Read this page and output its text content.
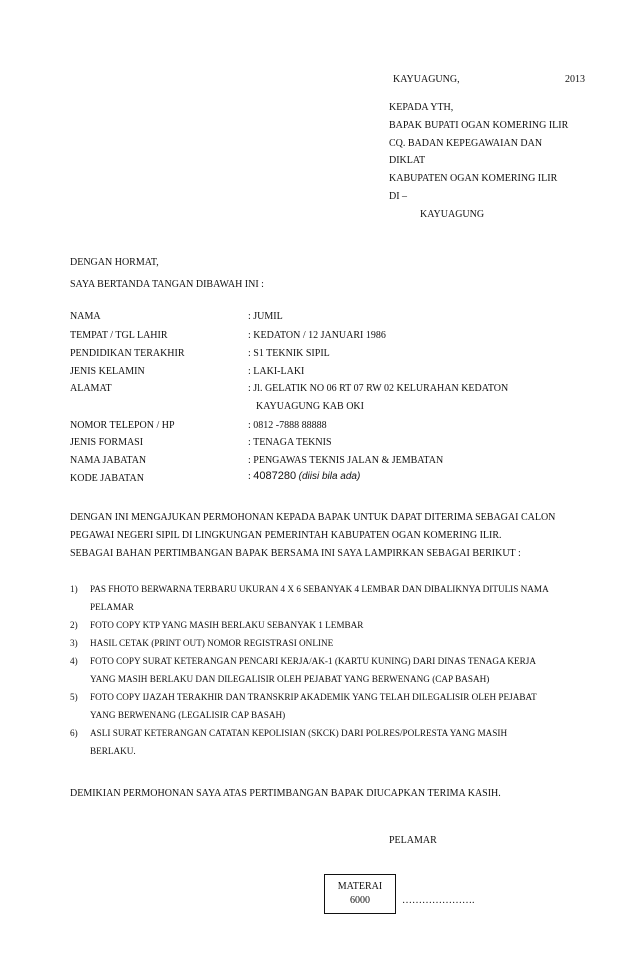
KAYUAGUNG,	2013
KEPADA YTH,
BAPAK BUPATI OGAN KOMERING ILIR
CQ. BADAN KEPEGAWAIAN DAN
DIKLAT
KABUPATEN OGAN KOMERING ILIR
DI –
KAYUAGUNG
DENGAN HORMAT,
SAYA BERTANDA TANGAN DIBAWAH INI :
NAMA	: JUMIL
TEMPAT / TGL LAHIR	: KEDATON / 12 JANUARI 1986
PENDIDIKAN TERAKHIR	: S1 TEKNIK SIPIL
JENIS KELAMIN	: LAKI-LAKI
ALAMAT	: Jl. GELATIK NO 06 RT 07 RW 02 KELURAHAN KEDATON
KAYUAGUNG KAB OKI
NOMOR TELEPON / HP	: 0812 -7888 88888
JENIS FORMASI	: TENAGA TEKNIS
NAMA JABATAN	: PENGAWAS TEKNIS JALAN & JEMBATAN
KODE JABATAN	: 4087280 (diisi bila ada)
DENGAN INI MENGAJUKAN PERMOHONAN KEPADA BAPAK UNTUK DAPAT DITERIMA SEBAGAI CALON
PEGAWAI NEGERI SIPIL DI LINGKUNGAN PEMERINTAH KABUPATEN OGAN KOMERING ILIR.
SEBAGAI BAHAN PERTIMBANGAN BAPAK BERSAMA INI SAYA LAMPIRKAN SEBAGAI BERIKUT :
1) PAS FHOTO BERWARNA TERBARU UKURAN 4 X 6 SEBANYAK 4 LEMBAR DAN DIBALIKNYA DITULIS NAMA
PELAMAR
2) FOTO COPY KTP YANG MASIH BERLAKU SEBANYAK 1 LEMBAR
3) HASIL CETAK (PRINT OUT) NOMOR REGISTRASI ONLINE
4) FOTO COPY SURAT KETERANGAN PENCARI KERJA/AK-1 (KARTU KUNING) DARI DINAS TENAGA KERJA
YANG MASIH BERLAKU DAN DILEGALISIR OLEH PEJABAT YANG BERWENANG (CAP BASAH)
5) FOTO COPY IJAZAH TERAKHIR DAN TRANSKRIP AKADEMIK YANG TELAH DILEGALISIR OLEH PEJABAT
YANG BERWENANG (LEGALISIR CAP BASAH)
6) ASLI SURAT KETERANGAN CATATAN KEPOLISIAN (SKCK) DARI POLRES/POLRESTA YANG MASIH
BERLAKU.
DEMIKIAN PERMOHONAN SAYA ATAS PERTIMBANGAN BAPAK DIUCAPKAN TERIMA KASIH.
PELAMAR
MATERAI
6000	………………….
